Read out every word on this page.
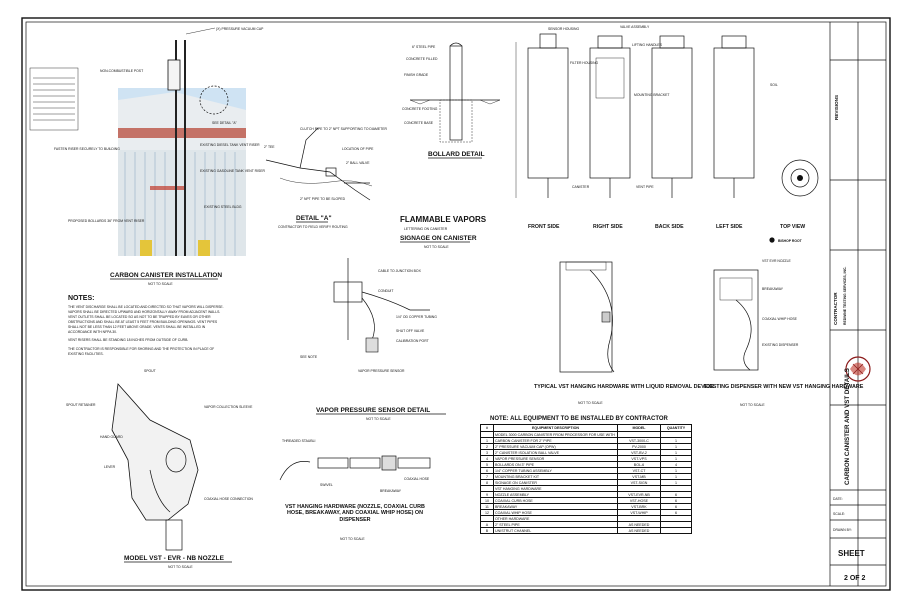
REVISIONS
CONTRACTOR REDWINE TESTING SERVICES, INC.
CARBON CANISTER AND VST DETAILS
DATE:
SCALE:
DRAWN BY:
SHEET
2 OF 2
(X) PRESSURE VACUUM CAP
NON-COMBUSTIBLE POST
SEE DETAIL "A"
EXISTING DIESEL TANK VENT RISER
EXISTING GASOLINE TANK VENT RISER
PROPOSED BOLLARDS 36" FROM VENT RISER
EXISTING STEEL BLDG
FASTEN RISER SECURELY TO BUILDING
CARBON CANISTER INSTALLATION
NOT TO SCALE
NOTES:
THE VENT DISCHARGE SHALL BE LOCATED AND DIRECTED SO THAT VAPORS WILL DISPERSE.
VAPORS SHALL BE DIRECTED UPWARD AND HORIZONTALLY AWAY FROM ADJACENT WALLS.
VENT OUTLETS SHALL BE LOCATED SO AS NOT TO BE TRAPPED BY EAVES OR OTHER
OBSTRUCTIONS AND SHALL BE AT LEAST 5 FEET FROM BUILDING OPENINGS. VENT PIPES
SHALL NOT BE LESS THAN 12 FEET ABOVE GRADE. VENTS SHALL BE INSTALLED IN
ACCORDANCE WITH NFPA 30.
VENT RISERS SHALL BE STANDING 18 INCHES FROM OUTSIDE OF CURB.
THE CONTRACTOR IS RESPONSIBLE FOR SHORING AND THE PROTECTION IN PLACE OF
EXISTING FACILITIES.
CLUTCH PIPE TO 2" NPT SUPPORTING TO DIAMETER
LOCATION OF PIPE
2" TEE
2" BALL VALVE
2" NPT PIPE TO BE SLOPED
DETAIL "A"
CONTRACTOR TO FIELD VERIFY ROUTING
6" STEEL PIPE
CONCRETE FILLED
FINISH GRADE
CONCRETE FOOTING
CONCRETE BASE
BOLLARD DETAIL
FLAMMABLE VAPORS
LETTERING ON CANISTER
SIGNAGE ON CANISTER
NOT TO SCALE
SENSOR HOUSING	VALVE ASSEMBLY
LIFTING HANDLES
FILTER HOUSING
MOUNTING BRACKET
VENT PIPE
CANISTER
SOIL
FRONT SIDE	RIGHT SIDE	BACK SIDE	LEFT SIDE	TOP VIEW
BISHOP ROOT
CABLE TO JUNCTION BOX
CONDUIT
1/4" OD COPPER TUBING
SHUT OFF VALVE
CALIBRATION PORT
VAPOR PRESSURE SENSOR
SEE NOTE
VAPOR PRESSURE SENSOR DETAIL
NOT TO SCALE
TYPICAL VST HANGING HARDWARE WITH LIQUID REMOVAL DEVICE
NOT TO SCALE
VST EVR NOZZLE
BREAKAWAY
COAXIAL WHIP HOSE
EXISTING DISPENSER
EXISTING DISPENSER WITH NEW VST HANGING HARDWARE
NOT TO SCALE
THREADED STAUBLI
BREAKAWAY
SWIVEL
COAXIAL HOSE
VST HANGING HARDWARE (NOZZLE, COAXIAL CURB HOSE, BREAKAWAY, AND COAXIAL WHIP HOSE) ON DISPENSER
NOT TO SCALE
SPOUT
VAPOR COLLECTION SLEEVE
LEVER
HAND GUARD
COAXIAL HOSE CONNECTION
SPOUT RETAINER
MODEL VST - EVR - NB NOZZLE
NOT TO SCALE
NOTE: ALL EQUIPMENT TO BE INSTALLED BY CONTRACTOR
#	EQUIPMENT DESCRIPTION	MODEL	QUANTITY
	MODEL 3000 CARBON CANISTER FROM PROCESSOR FOR USE WITH		
1	CARBON CANISTER FOR 2" PIPE	VST-3000-C	1
2	2" PRESSURE VACUUM CAP (OPW)	PV-2000	1
3	2" CANISTER ISOLATION BALL VALVE	VST-BV-2	1
4	VAPOR PRESSURE SENSOR	VST-VPS	1
5	BOLLARDS ON 3" PIPE	BOL-6	4
6	1/4" COPPER TUBING ASSEMBLY	VST-CT	1
7	MOUNTING BRACKET KIT	VST-MB	1
8	SIGNAGE ON CANISTER	VST-SIGN	1
	VST HANGING HARDWARE		
9	NOZZLE ASSEMBLY	VST-EVR-NB	6
10	COAXIAL CURB HOSE	VST-HOSE	6
11	BREAKAWAY	VST-BRK	6
12	COAXIAL WHIP HOSE	VST-WHIP	6
	OTHER HARDWARE		
A	2" STEEL PIPE	AS NEEDED	
B	UNISTRUT CHANNEL	AS NEEDED	
